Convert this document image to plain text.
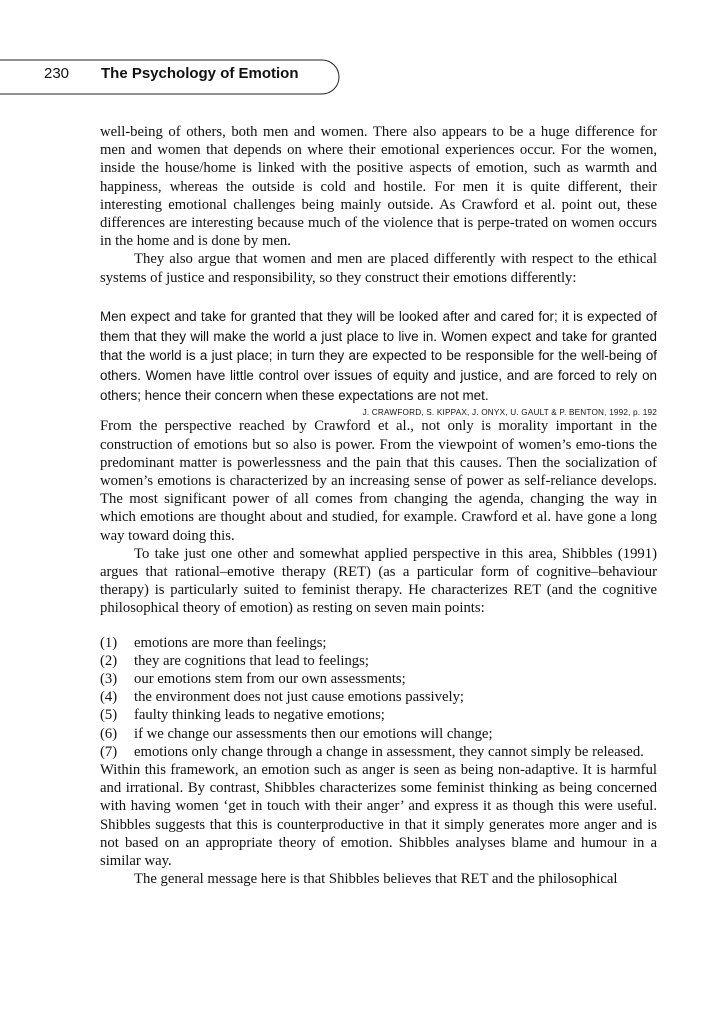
230 The Psychology of Emotion

well-being of others, both men and women. There also appears to be a huge difference for men and women that depends on where their emotional experiences occur. For the women, inside the house/home is linked with the positive aspects of emotion, such as warmth and happiness, whereas the outside is cold and hostile. For men it is quite different, their interesting emotional challenges being mainly outside. As Crawford et al. point out, these differences are interesting because much of the violence that is perpe-trated on women occurs in the home and is done by men.

They also argue that women and men are placed differently with respect to the ethical systems of justice and responsibility, so they construct their emotions differently:

Men expect and take for granted that they will be looked after and cared for; it is expected of them that they will make the world a just place to live in. Women expect and take for granted that the world is a just place; in turn they are expected to be responsible for the well-being of others. Women have little control over issues of equity and justice, and are forced to rely on others; hence their concern when these expectations are not met.
J. CRAWFORD, S. KIPPAX, J. ONYX, U. GAULT & P. BENTON, 1992, p. 192

From the perspective reached by Crawford et al., not only is morality important in the construction of emotions but so also is power. From the viewpoint of women’s emo-tions the predominant matter is powerlessness and the pain that this causes. Then the socialization of women’s emotions is characterized by an increasing sense of power as self-reliance develops. The most significant power of all comes from changing the agenda, changing the way in which emotions are thought about and studied, for example. Crawford et al. have gone a long way toward doing this.

To take just one other and somewhat applied perspective in this area, Shibbles (1991) argues that rational–emotive therapy (RET) (as a particular form of cognitive–behaviour therapy) is particularly suited to feminist therapy. He characterizes RET (and the cognitive philosophical theory of emotion) as resting on seven main points:

(1) emotions are more than feelings;
(2) they are cognitions that lead to feelings;
(3) our emotions stem from our own assessments;
(4) the environment does not just cause emotions passively;
(5) faulty thinking leads to negative emotions;
(6) if we change our assessments then our emotions will change;
(7) emotions only change through a change in assessment, they cannot simply be released.

Within this framework, an emotion such as anger is seen as being non-adaptive. It is harmful and irrational. By contrast, Shibbles characterizes some feminist thinking as being concerned with having women ‘get in touch with their anger’ and express it as though this were useful. Shibbles suggests that this is counterproductive in that it simply generates more anger and is not based on an appropriate theory of emotion. Shibbles analyses blame and humour in a similar way.

The general message here is that Shibbles believes that RET and the philosophical
